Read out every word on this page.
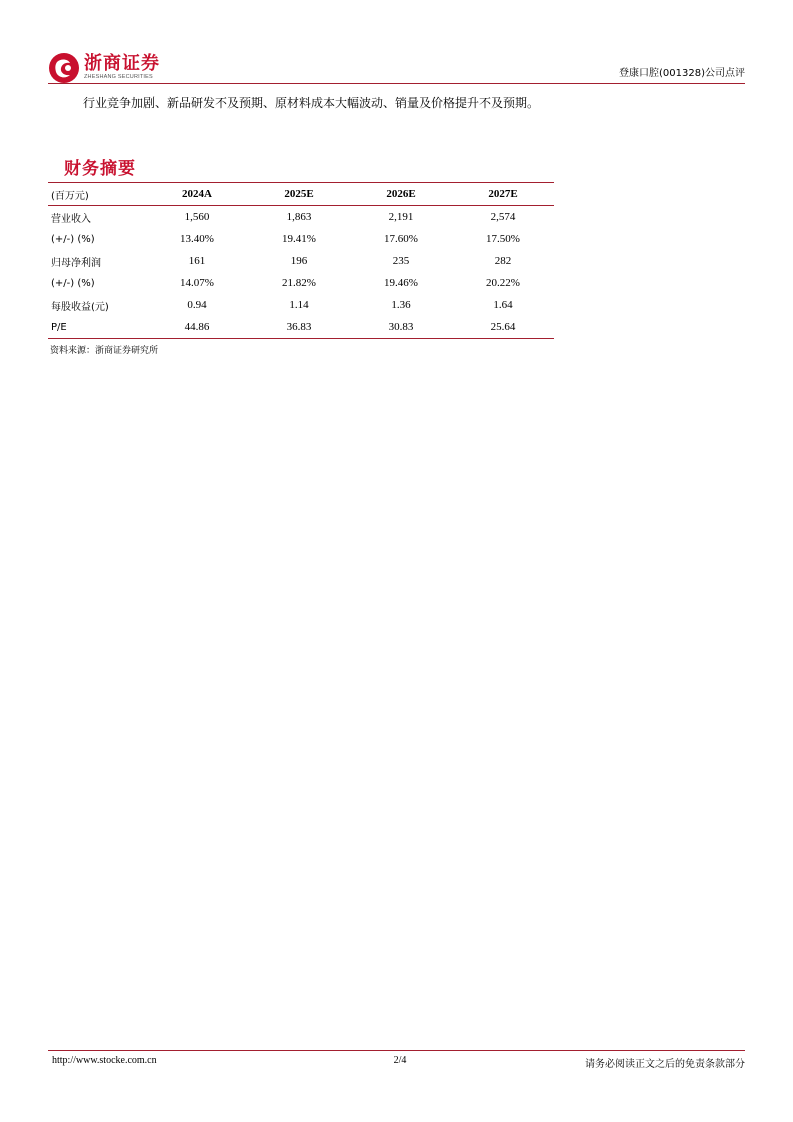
浙商证券
ZHESHANG SECURITIES	登康口腔(001328)公司点评
行业竞争加剧、新品研发不及预期、原材料成本大幅波动、销量及价格提升不及预期。
财务摘要
(百万元)	2024A	2025E	2026E	2027E
营业收入	1,560	1,863	2,191	2,574
(+/-) (%)	13.40%	19.41%	17.60%	17.50%
归母净利润	161	196	235	282
(+/-) (%)	14.07%	21.82%	19.46%	20.22%
每股收益(元)	0.94	1.14	1.36	1.64
P/E	44.86	36.83	30.83	25.64
资料来源：浙商证券研究所
http://www.stocke.com.cn	2/4	请务必阅读正文之后的免责条款部分
